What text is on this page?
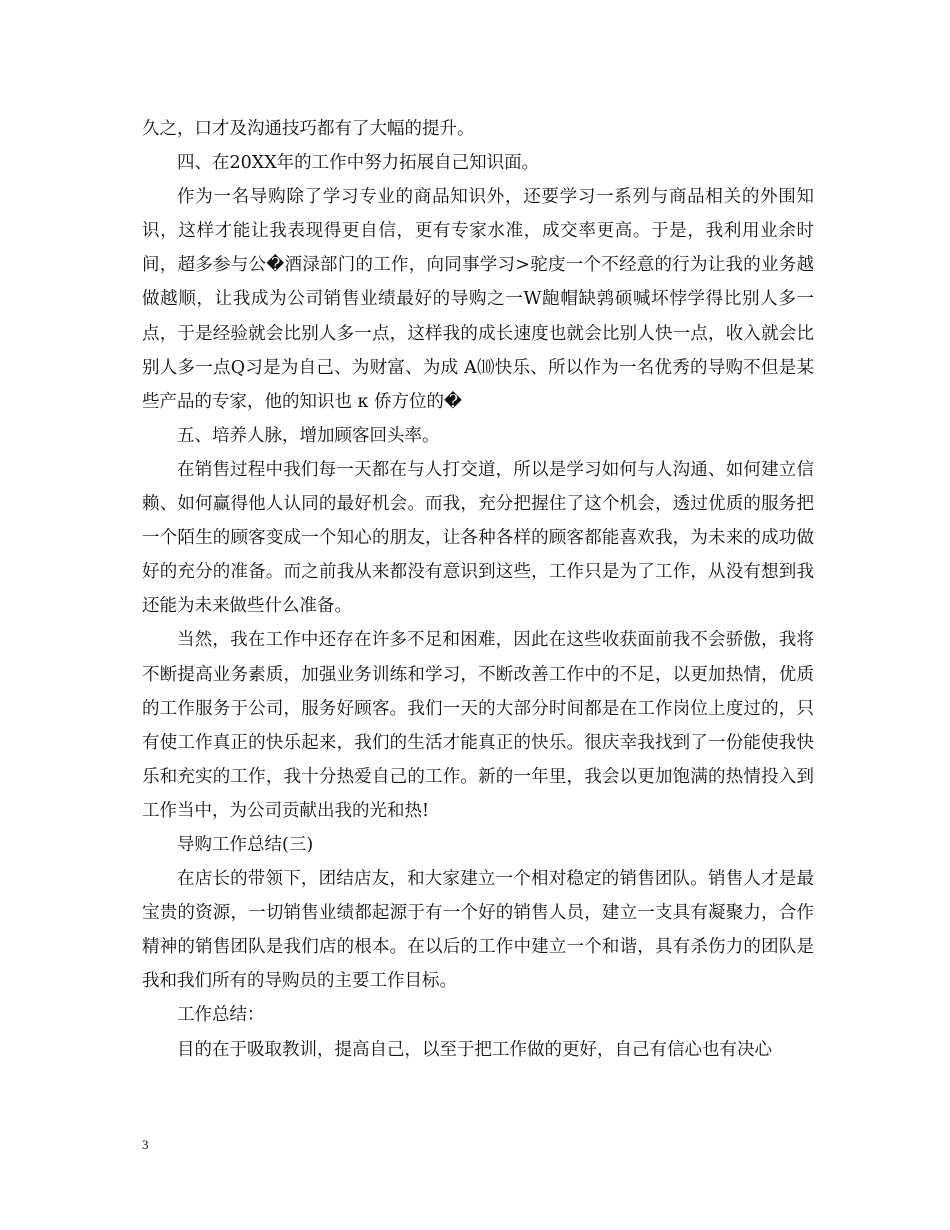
久之，口才及沟通技巧都有了大幅的提升。

四、在20XX年的工作中努力拓展自己知识面。

作为一名导购除了学习专业的商品知识外，还要学习一系列与商品相关的外围知识，这样才能让我表现得更自信，更有专家水准，成交率更高。于是，我利用业余时间，超多参与公�酒渌部门的工作，向同事学习>驼庋一个不经意的行为让我的业务越做越顺，让我成为公司销售业绩最好的导购之一W龅帽缺鹑硕喊坏悖学得比别人多一点，于是经验就会比别人多一点，这样我的成长速度也就会比别人快一点，收入就会比别人多一点Q习是为自己、为财富、为成 A⑽快乐、所以作为一名优秀的导购不但是某些产品的专家，他的知识也 κ 侨方位的�

五、培养人脉，增加顾客回头率。

在销售过程中我们每一天都在与人打交道，所以是学习如何与人沟通、如何建立信赖、如何赢得他人认同的最好机会。而我，充分把握住了这个机会，透过优质的服务把一个陌生的顾客变成一个知心的朋友，让各种各样的顾客都能喜欢我，为未来的成功做好的充分的准备。而之前我从来都没有意识到这些，工作只是为了工作，从没有想到我还能为未来做些什么准备。

当然，我在工作中还存在许多不足和困难，因此在这些收获面前我不会骄傲，我将不断提高业务素质，加强业务训练和学习，不断改善工作中的不足，以更加热情，优质的工作服务于公司，服务好顾客。我们一天的大部分时间都是在工作岗位上度过的，只有使工作真正的快乐起来，我们的生活才能真正的快乐。很庆幸我找到了一份能使我快乐和充实的工作，我十分热爱自己的工作。新的一年里，我会以更加饱满的热情投入到工作当中，为公司贡献出我的光和热!

导购工作总结(三)

在店长的带领下，团结店友，和大家建立一个相对稳定的销售团队。销售人才是最宝贵的资源，一切销售业绩都起源于有一个好的销售人员，建立一支具有凝聚力，合作精神的销售团队是我们店的根本。在以后的工作中建立一个和谐，具有杀伤力的团队是我和我们所有的导购员的主要工作目标。

工作总结：

目的在于吸取教训，提高自己，以至于把工作做的更好，自己有信心也有决心

3
